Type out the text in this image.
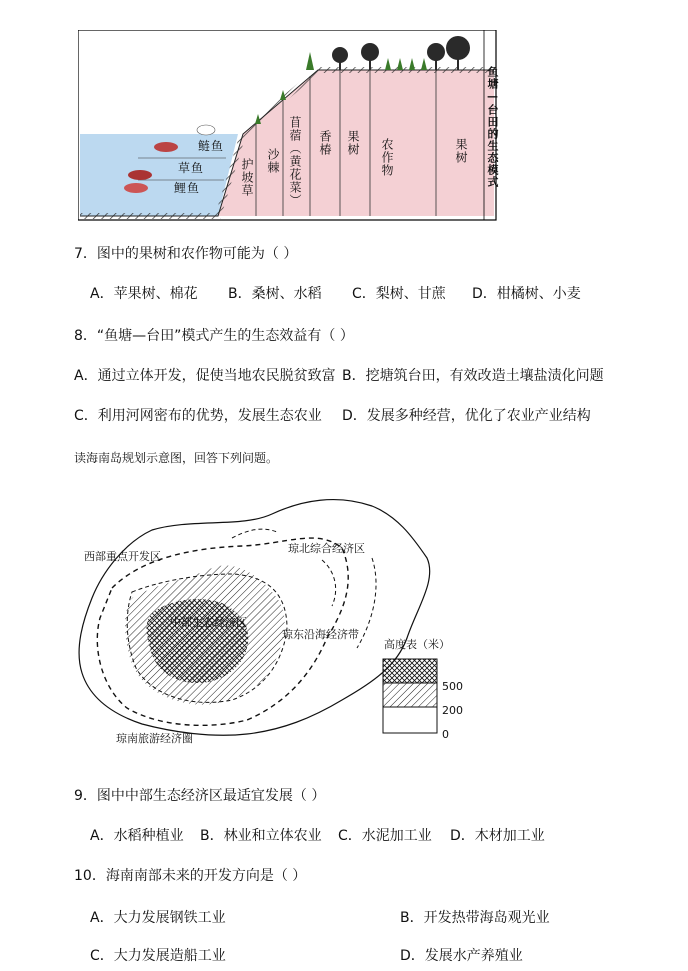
鲢鱼
草鱼
鲤鱼	护坡草 沙棘 苜蓿（黄花菜） 香椿 果树 农作物	果树 鱼塘—台田的生态模式
7．图中的果树和农作物可能为（ ）
A．苹果树、棉花 B．桑树、水稻 C．梨树、甘蔗 D．柑橘树、小麦
8．“鱼塘—台田”模式产生的生态效益有（ ）
A．通过立体开发，促使当地农民脱贫致富 B．挖塘筑台田，有效改造土壤盐渍化问题
C．利用河网密布的优势，发展生态农业 D．发展多种经营，优化了农业产业结构
读海南岛规划示意图，回答下列问题。
西部重点开发区
琼北综合经济区
中部生态经济区
琼东沿海经济带
琼南旅游经济圈
高度表（米）
500
200
0
9．图中中部生态经济区最适宜发展（ ）
A．水稻种植业 B．林业和立体农业 C．水泥加工业 D．木材加工业
10．海南南部未来的开发方向是（ ）
A．大力发展钢铁工业	B．开发热带海岛观光业
C．大力发展造船工业	D．发展水产养殖业
